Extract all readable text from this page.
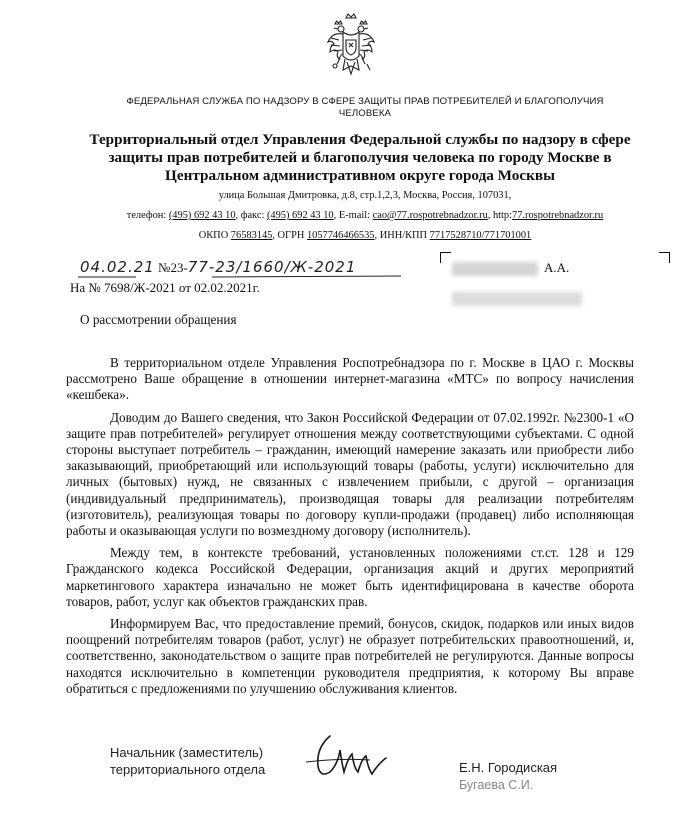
ФЕДЕРАЛЬНАЯ СЛУЖБА ПО НАДЗОРУ В СФЕРЕ ЗАЩИТЫ ПРАВ ПОТРЕБИТЕЛЕЙ И БЛАГОПОЛУЧИЯ
ЧЕЛОВЕКА
Территориальный отдел Управления Федеральной службы по надзору в сфере
защиты прав потребителей и благополучия человека по городу Москве в
Центральном административном округе города Москвы
улица Большая Дмитровка, д.8, стр.1,2,3, Москва, Россия, 107031,
телефон: (495) 692 43 10, факс: (495) 692 43 10, E-mail: cao@77.rospotrebnadzor.ru, http:77.rospotrebnadzor.ru
ОКПО 76583145, ОГРН 1057746466535, ИНН/КПП 7717528710/771701001
04.02.21 №23-77-23/1660/Ж-2021
На № 7698/Ж-2021 от 02.02.2021г.
А.А.
О рассмотрении обращения

В территориальном отделе Управления Роспотребнадзора по г. Москве в ЦАО г. Москвы рассмотрено Ваше обращение в отношении интернет-магазина «МТС» по вопросу начисления «кешбека».

Доводим до Вашего сведения, что Закон Российской Федерации от 07.02.1992г. №2300-1 «О защите прав потребителей» регулирует отношения между соответствующими субъектами. С одной стороны выступает потребитель – гражданин, имеющий намерение заказать или приобрести либо заказывающий, приобретающий или использующий товары (работы, услуги) исключительно для личных (бытовых) нужд, не связанных с извлечением прибыли, с другой – организация (индивидуальный предприниматель), производящая товары для реализации потребителям (изготовитель), реализующая товары по договору купли-продажи (продавец) либо исполняющая работы и оказывающая услуги по возмездному договору (исполнитель).

Между тем, в контексте требований, установленных положениями ст.ст. 128 и 129 Гражданского кодекса Российской Федерации, организация акций и других мероприятий маркетингового характера изначально не может быть идентифицирована в качестве оборота товаров, работ, услуг как объектов гражданских прав.

Информируем Вас, что предоставление премий, бонусов, скидок, подарков или иных видов поощрений потребителям товаров (работ, услуг) не образует потребительских правоотношений, и, соответственно, законодательством о защите прав потребителей не регулируются. Данные вопросы находятся исключительно в компетенции руководителя предприятия, к которому Вы вправе обратиться с предложениями по улучшению обслуживания клиентов.

Начальник (заместитель)
территориального отдела	Е.Н. Городиская
Бугаева С.И.
